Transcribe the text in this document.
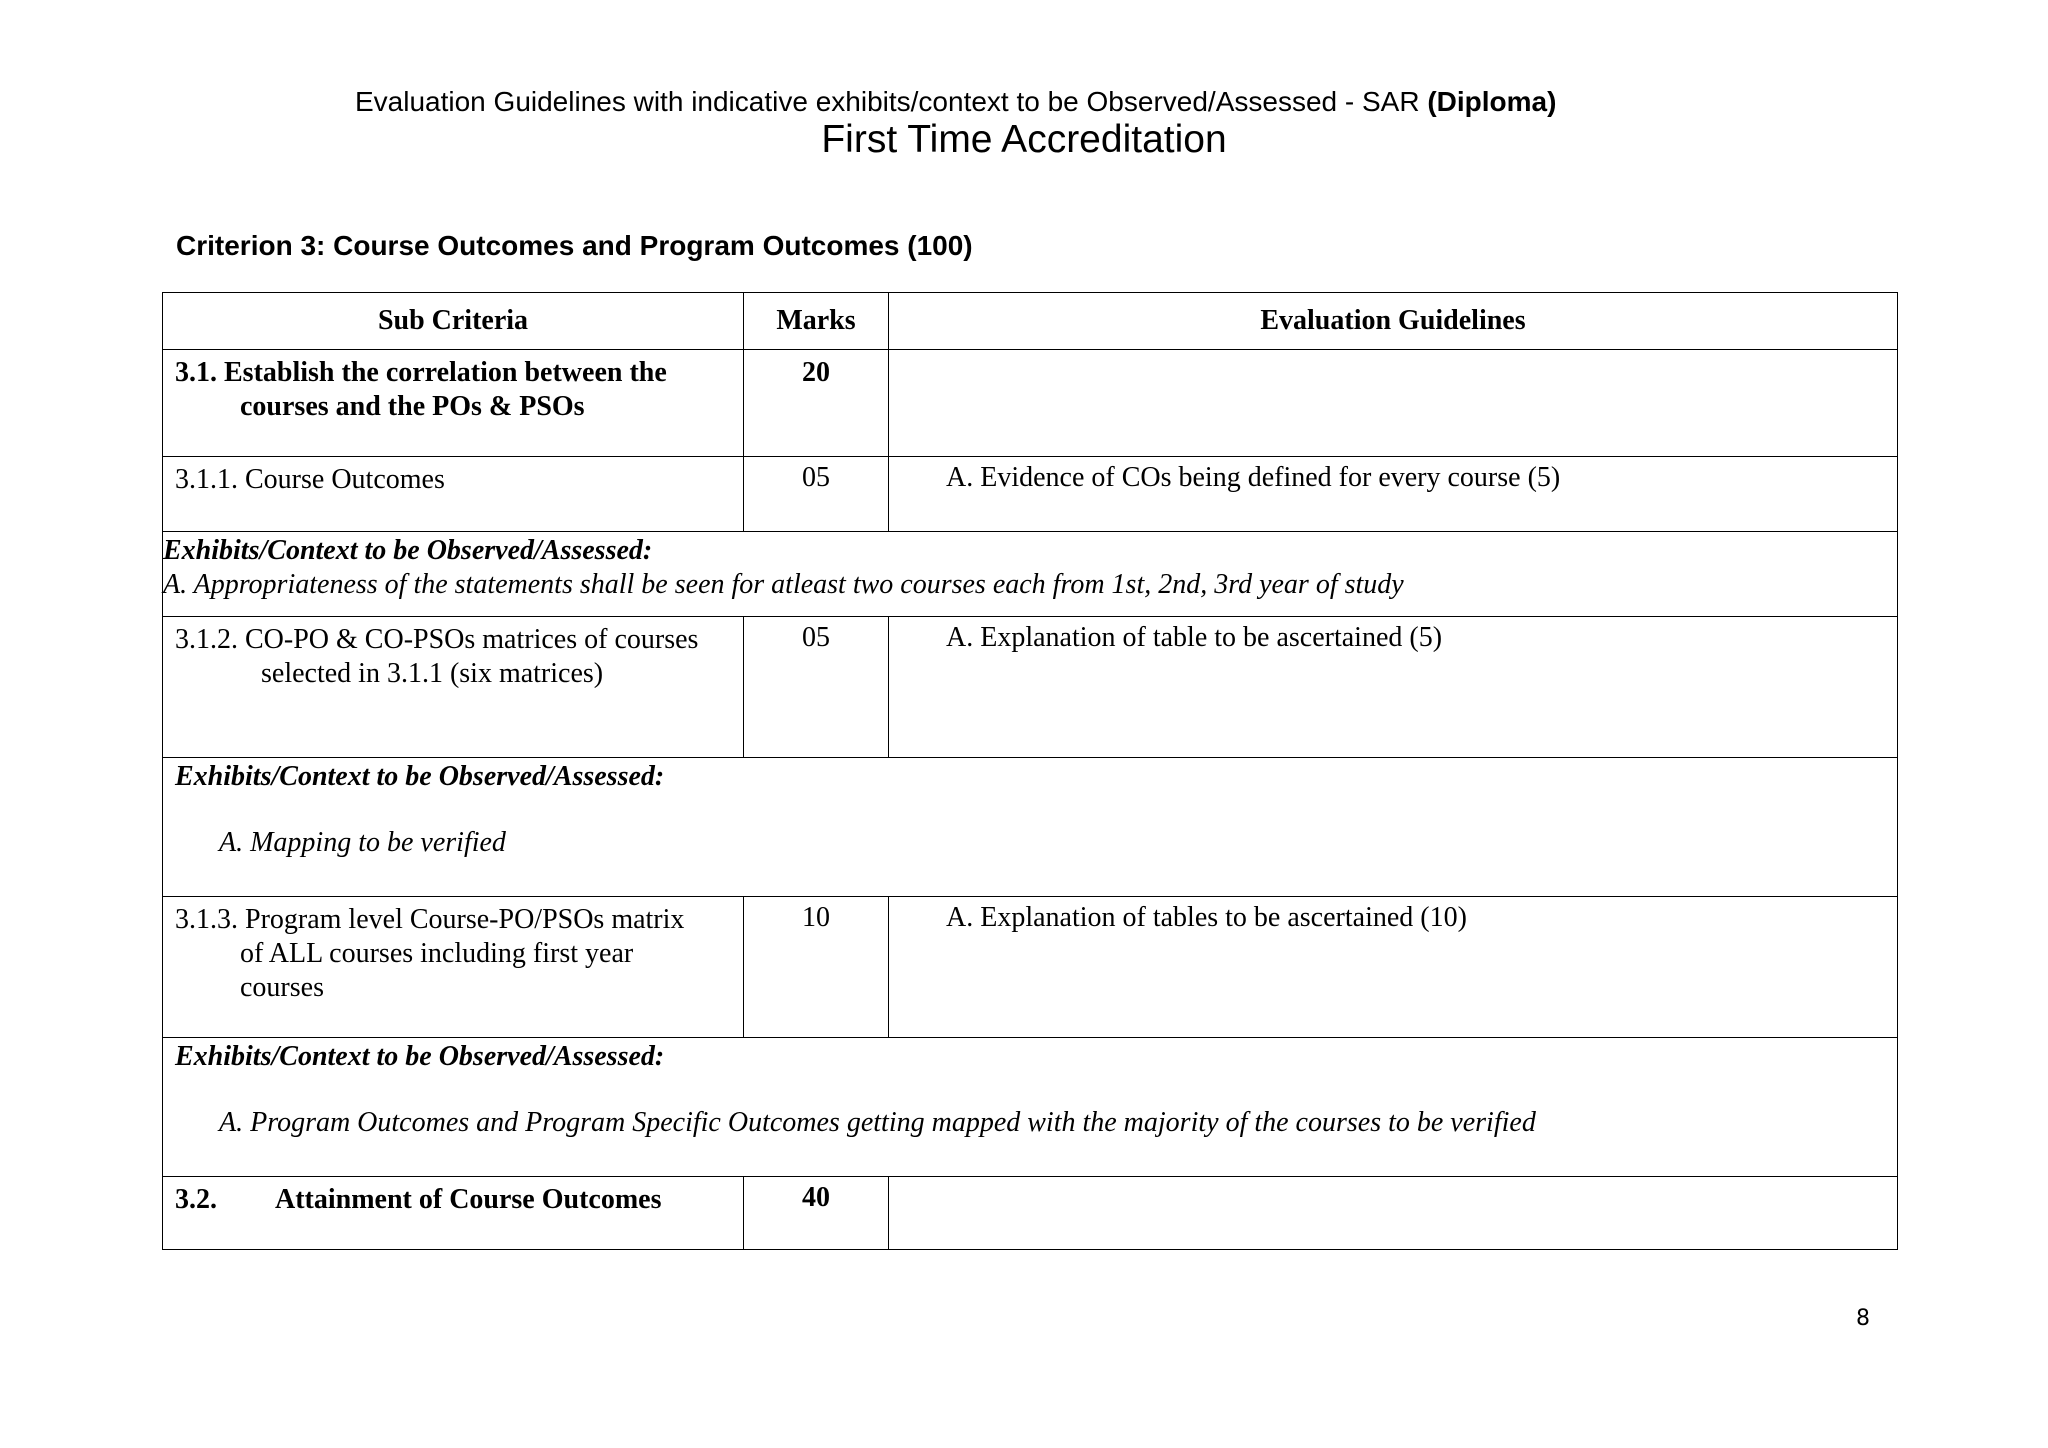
Evaluation Guidelines with indicative exhibits/context to be Observed/Assessed - SAR (Diploma)
First Time Accreditation
Criterion 3: Course Outcomes and Program Outcomes (100)
Sub Criteria	Marks	Evaluation Guidelines

3.1. Establish the correlation between the
courses and the POs & PSOs	20	
3.1.1. Course Outcomes	05	A. Evidence of COs being defined for every course (5)

Exhibits/Context to be Observed/Assessed:
A. Appropriateness of the statements shall be seen for atleast two courses each from 1st, 2nd, 3rd year of study		

3.1.2. CO-PO & CO-PSOs matrices of courses
selected in 3.1.1 (six matrices)	05	A. Explanation of table to be ascertained (5)

Exhibits/Context to be Observed/Assessed:
A. Mapping to be verified		

3.1.3. Program level Course-PO/PSOs matrix
of ALL courses including first year
courses	10	A. Explanation of tables to be ascertained (10)

Exhibits/Context to be Observed/Assessed:
A. Program Outcomes and Program Specific Outcomes getting mapped with the majority of the courses to be verified		

3.2. Attainment of Course Outcomes	40	
8
